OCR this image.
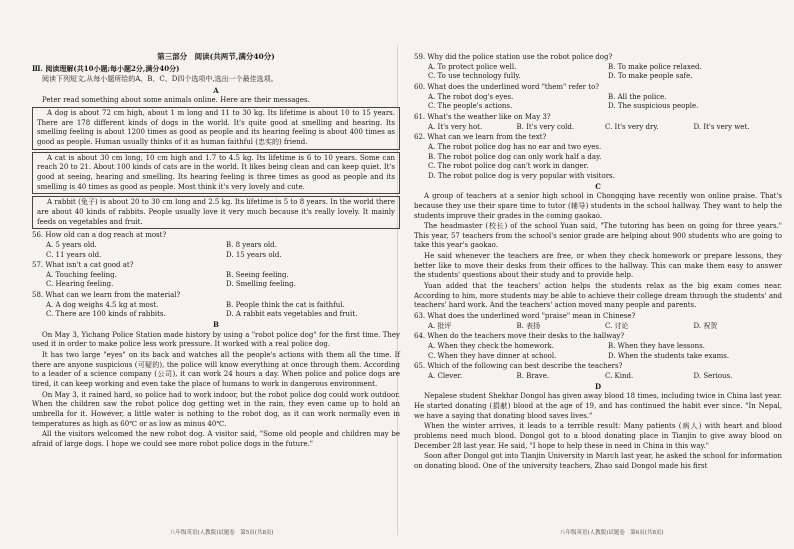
第三部分　阅读(共两节,满分40分)

Ⅲ. 阅读理解(共10小题;每小题2分,满分40分)

阅读下列短文,从每小题所给的A、B、C、D四个选项中,选出一个最佳选项。

A

Peter read something about some animals online. Here are their messages.

A dog is about 72 cm high, about 1 m long and 11 to 30 kg. Its lifetime is about 10 to 15 years. There are 178 different kinds of dogs in the world. It's quite good at smelling and hearing. Its smelling feeling is about 1200 times as good as people and its hearing feeling is about 400 times as good as people. Human usually thinks of it as human faithful (忠实的) friend.

A cat is about 30 cm long, 10 cm high and 1.7 to 4.5 kg. Its lifetime is 6 to 10 years. Some can reach 20 to 21. About 100 kinds of cats are in the world. It likes being clean and can keep quiet. It's good at seeing, hearing and smelling. Its hearing feeling is three times as good as people and its smelling is 40 times as good as people. Most think it's very lovely and cute.

A rabbit (兔子) is about 20 to 30 cm long and 2.5 kg. Its lifetime is 5 to 8 years. In the world there are about 40 kinds of rabbits. People usually love it very much because it's really lovely. It mainly feeds on vegetables and fruit.

56. How old can a dog reach at most?
A. 5 years old.	B. 8 years old.
C. 11 years old.	D. 15 years old.
57. What isn't a cat good at?
A. Touching feeling.	B. Seeing feeling.
C. Hearing feeling.	D. Smelling feeling.
58. What can we learn from the material?
A. A dog weighs 4.5 kg at most.	B. People think the cat is faithful.
C. There are 100 kinds of rabbits.	D. A rabbit eats vegetables and fruit.
B

On May 3, Yichang Police Station made history by using a "robot police dog" for the first time. They used it in order to make police less work pressure. It worked with a real police dog.

It has two large "eyes" on its back and watches all the people's actions with them all the time. If there are anyone suspicious (可疑的), the police will know everything at once through them. According to a leader of a science company (公司), it can work 24 hours a day. When police and police dogs are tired, it can keep working and even take the place of humans to work in dangerous environment.

On May 3, it rained hard, so police had to work indoor, but the robot police dog could work outdoor. When the children saw the robot police dog getting wet in the rain, they even came up to hold an umbrella for it. However, a little water is nothing to the robot dog, as it can work normally even in temperatures as high as 60℃ or as low as minus 40℃.

All the visitors welcomed the new robot dog. A visitor said, "Some old people and children may be afraid of large dogs. I hope we could see more robot police dogs in the future."

八年级英语(人教版)试题卷　第5页(共8页)
59. Why did the police station use the robot police dog?
A. To protect police well.	B. To make police relaxed.
C. To use technology fully.	D. To make people safe.
60. What does the underlined word "them" refer to?
A. The robot dog's eyes.	B. All the police.
C. The people's actions.	D. The suspicious people.
61. What's the weather like on May 3?
A. It's very hot.	B. It's very cold.	C. It's very dry.	D. It's very wet.
62. What can we learn from the text?
A. The robot police dog has no ear and two eyes.
B. The robot police dog can only work half a day.
C. The robot police dog can't work in danger.
D. The robot police dog is very popular with visitors.
C

A group of teachers at a senior high school in Chongqing have recently won online praise. That's because they use their spare time to tutor (辅导) students in the school hallway. They want to help the students improve their grades in the coming gaokao.

The headmaster (校长) of the school Yuan said, "The tutoring has been on going for three years." This year, 57 teachers from the school's senior grade are helping about 900 students who are going to take this year's gaokao.

He said whenever the teachers are free, or when they check homework or prepare lessons, they better like to move their desks from their offices to the hallway. This can make them easy to answer the students' questions about their study and to provide help.

Yuan added that the teachers' action helps the students relax as the big exam comes near. According to him, more students may be able to achieve their college dream through the students' and teachers' hard work. And the teachers' action moved many people and parents.

63. What does the underlined word "praise" mean in Chinese?
A. 批评	B. 表扬	C. 讨论	D. 祝贺
64. When do the teachers move their desks to the hallway?
A. When they check the homework.	B. When they have lessons.
C. When they have dinner at school.	D. When the students take exams.
65. Which of the following can best describe the teachers?
A. Clever.	B. Brave.	C. Kind.	D. Serious.
D

Nepalese student Shekhar Dongol has given away blood 18 times, including twice in China last year. He started donating (捐献) blood at the age of 19, and has continued the habit ever since. "In Nepal, we have a saying that donating blood saves lives."

When the winter arrives, it leads to a terrible result: Many patients (病人) with heart and blood problems need much blood. Dongol got to a blood donating place in Tianjin to give away blood on December 28 last year. He said, "I hope to help these in need in China in this way."

Soon after Dongol got into Tianjin University in March last year, he asked the school for information on donating blood. One of the university teachers, Zhao said Dongol made his first

八年级英语(人教版)试题卷　第6页(共8页)
